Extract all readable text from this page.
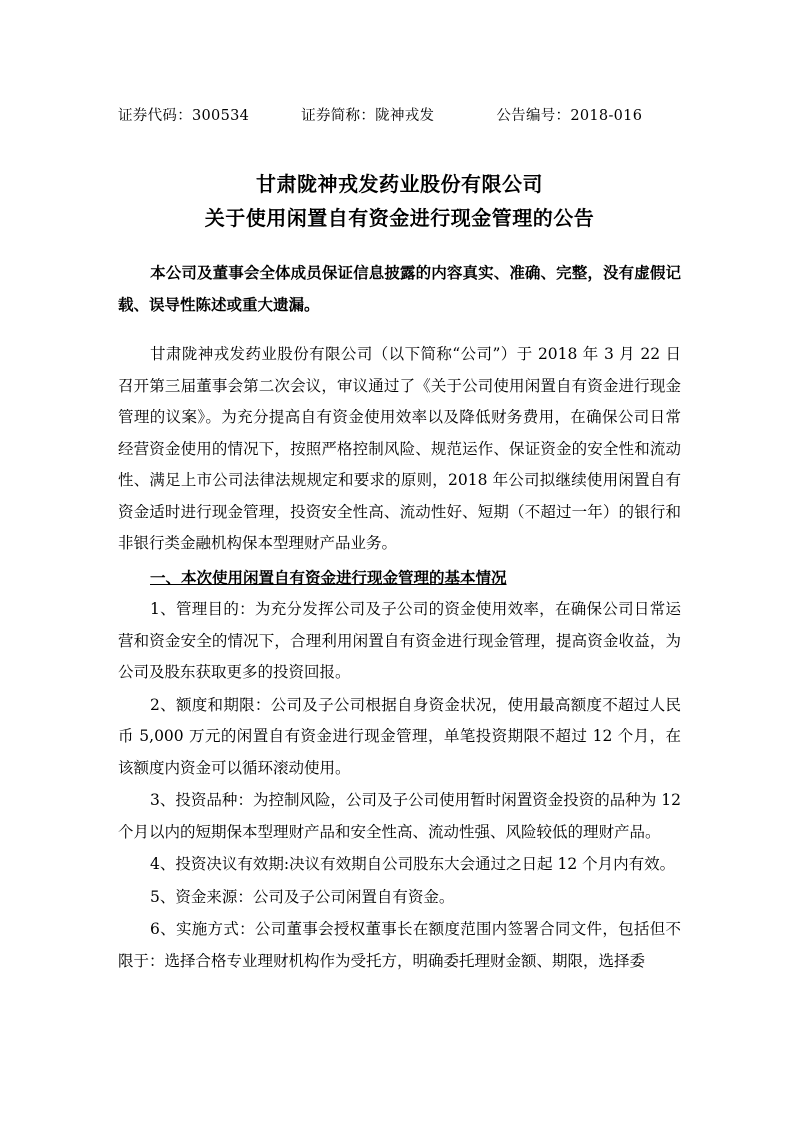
证券代码：300534	证券简称：陇神戎发	公告编号：2018-016
甘肃陇神戎发药业股份有限公司
关于使用闲置自有资金进行现金管理的公告
本公司及董事会全体成员保证信息披露的内容真实、准确、完整，没有虚假记载、误导性陈述或重大遗漏。

甘肃陇神戎发药业股份有限公司（以下简称“公司”）于 2018 年 3 月 22 日召开第三届董事会第二次会议，审议通过了《关于公司使用闲置自有资金进行现金管理的议案》。为充分提高自有资金使用效率以及降低财务费用，在确保公司日常经营资金使用的情况下，按照严格控制风险、规范运作、保证资金的安全性和流动性、满足上市公司法律法规规定和要求的原则，2018 年公司拟继续使用闲置自有资金适时进行现金管理，投资安全性高、流动性好、短期（不超过一年）的银行和非银行类金融机构保本型理财产品业务。

一、本次使用闲置自有资金进行现金管理的基本情况

1、管理目的：为充分发挥公司及子公司的资金使用效率，在确保公司日常运营和资金安全的情况下，合理利用闲置自有资金进行现金管理，提高资金收益，为公司及股东获取更多的投资回报。

2、额度和期限：公司及子公司根据自身资金状况，使用最高额度不超过人民币 5,000 万元的闲置自有资金进行现金管理，单笔投资期限不超过 12 个月，在该额度内资金可以循环滚动使用。

3、投资品种：为控制风险，公司及子公司使用暂时闲置资金投资的品种为 12 个月以内的短期保本型理财产品和安全性高、流动性强、风险较低的理财产品。

4、投资决议有效期:决议有效期自公司股东大会通过之日起 12 个月内有效。

5、资金来源：公司及子公司闲置自有资金。

6、实施方式：公司董事会授权董事长在额度范围内签署合同文件，包括但不限于：选择合格专业理财机构作为受托方，明确委托理财金额、期限，选择委
